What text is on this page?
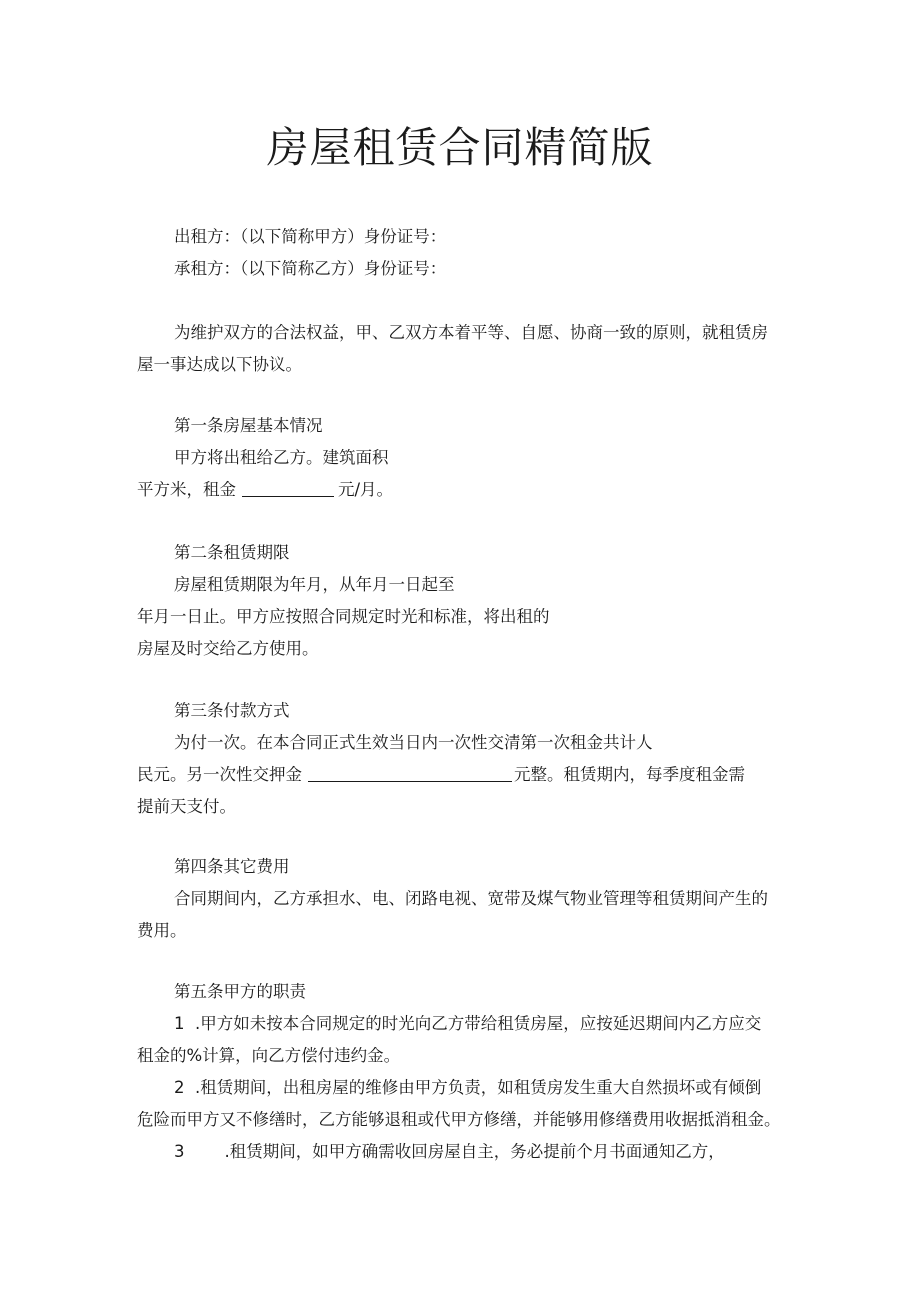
房屋租赁合同精简版
出租方：（以下简称甲方）身份证号：
承租方：（以下简称乙方）身份证号：
为维护双方的合法权益，甲、乙双方本着平等、自愿、协商一致的原则，就租赁房
屋一事达成以下协议。
第一条房屋基本情况
甲方将出租给乙方。建筑面积
平方米，租金	元/月。
第二条租赁期限
房屋租赁期限为年月，从年月一日起至
年月一日止。甲方应按照合同规定时光和标准，将出租的
房屋及时交给乙方使用。
第三条付款方式
为付一次。在本合同正式生效当日内一次性交清第一次租金共计人
民元。另一次性交押金	元整。租赁期内，每季度租金需
提前天支付。
第四条其它费用
合同期间内，乙方承担水、电、闭路电视、宽带及煤气物业管理等租赁期间产生的
费用。
第五条甲方的职责
1 .甲方如未按本合同规定的时光向乙方带给租赁房屋，应按延迟期间内乙方应交
租金的%计算，向乙方偿付违约金。
2 .租赁期间，出租房屋的维修由甲方负责，如租赁房发生重大自然损坏或有倾倒
危险而甲方又不修缮时，乙方能够退租或代甲方修缮，并能够用修缮费用收据抵消租金。
3 .租赁期间，如甲方确需收回房屋自主，务必提前个月书面通知乙方，
